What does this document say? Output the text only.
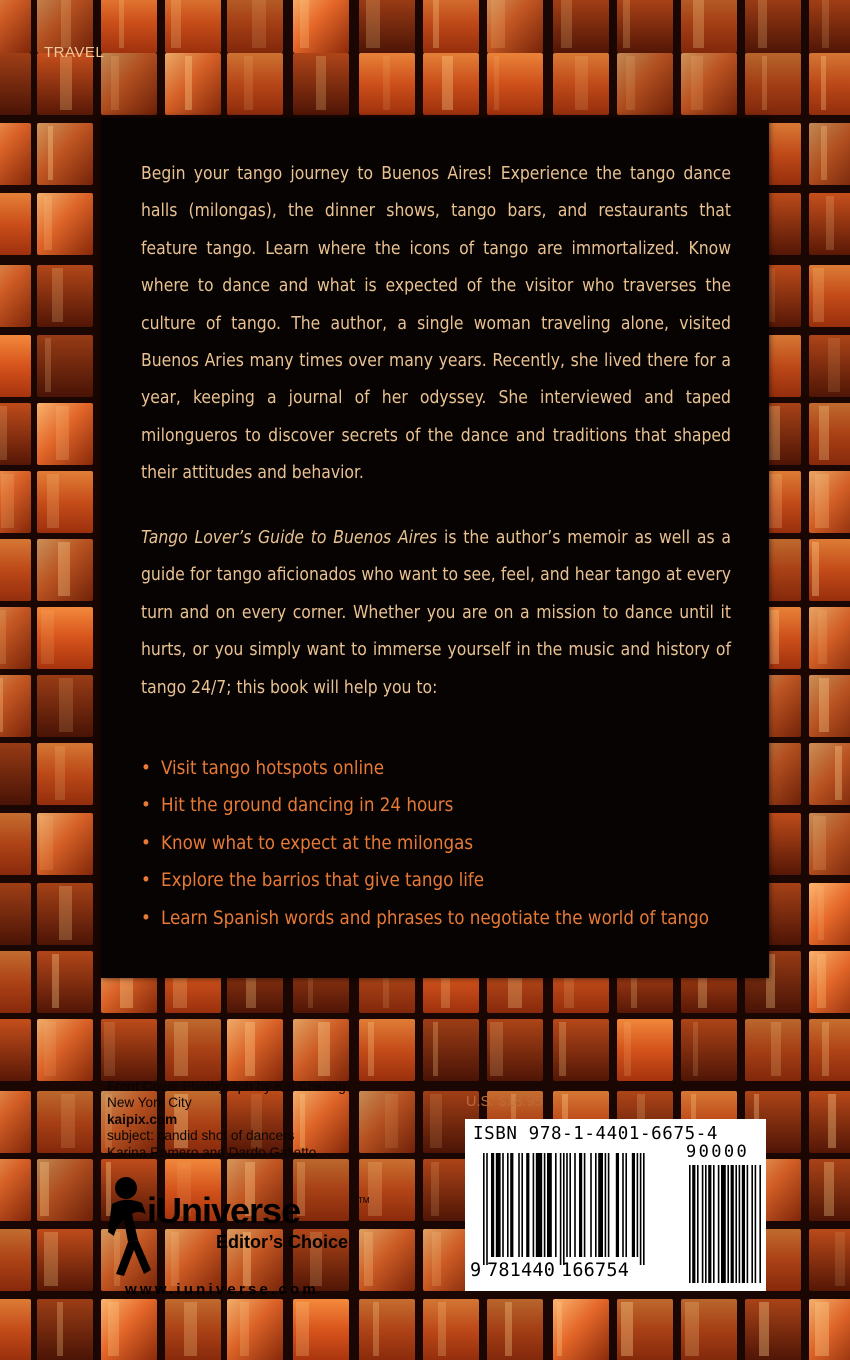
TRAVEL

Begin your tango journey to Buenos Aires! Experience the tango dance halls (milongas), the dinner shows, tango bars, and restaurants that feature tango. Learn where the icons of tango are immortalized. Know where to dance and what is expected of the visitor who traverses the culture of tango. The author, a single woman traveling alone, visited Buenos Aries many times over many years. Recently, she lived there for a year, keeping a journal of her odyssey. She interviewed and taped milongueros to discover secrets of the dance and traditions that shaped their attitudes and behavior.

Tango Lover’s Guide to Buenos Aires is the author’s memoir as well as a guide for tango aficionados who want to see, feel, and hear tango at every turn and on every corner. Whether you are on a mission to dance until it hurts, or you simply want to immerse yourself in the music and history of tango 24/7; this book will help you to:

• Visit tango hotspots online
• Hit the ground dancing in 24 hours
• Know what to expect at the milongas
• Explore the barrios that give tango life
• Learn Spanish words and phrases to negotiate the world of tango
Front Cover Photograph by Kai Cheung
New York City
kaipix.com
subject: candid shot of dancers
Karina Romero and Dardo Galletto
U.S. $18.95
iUniverse	TM
Editor’s Choice
www.iuniverse.com
ISBN 978-1-4401-6675-4
90000
9 781440 166754
